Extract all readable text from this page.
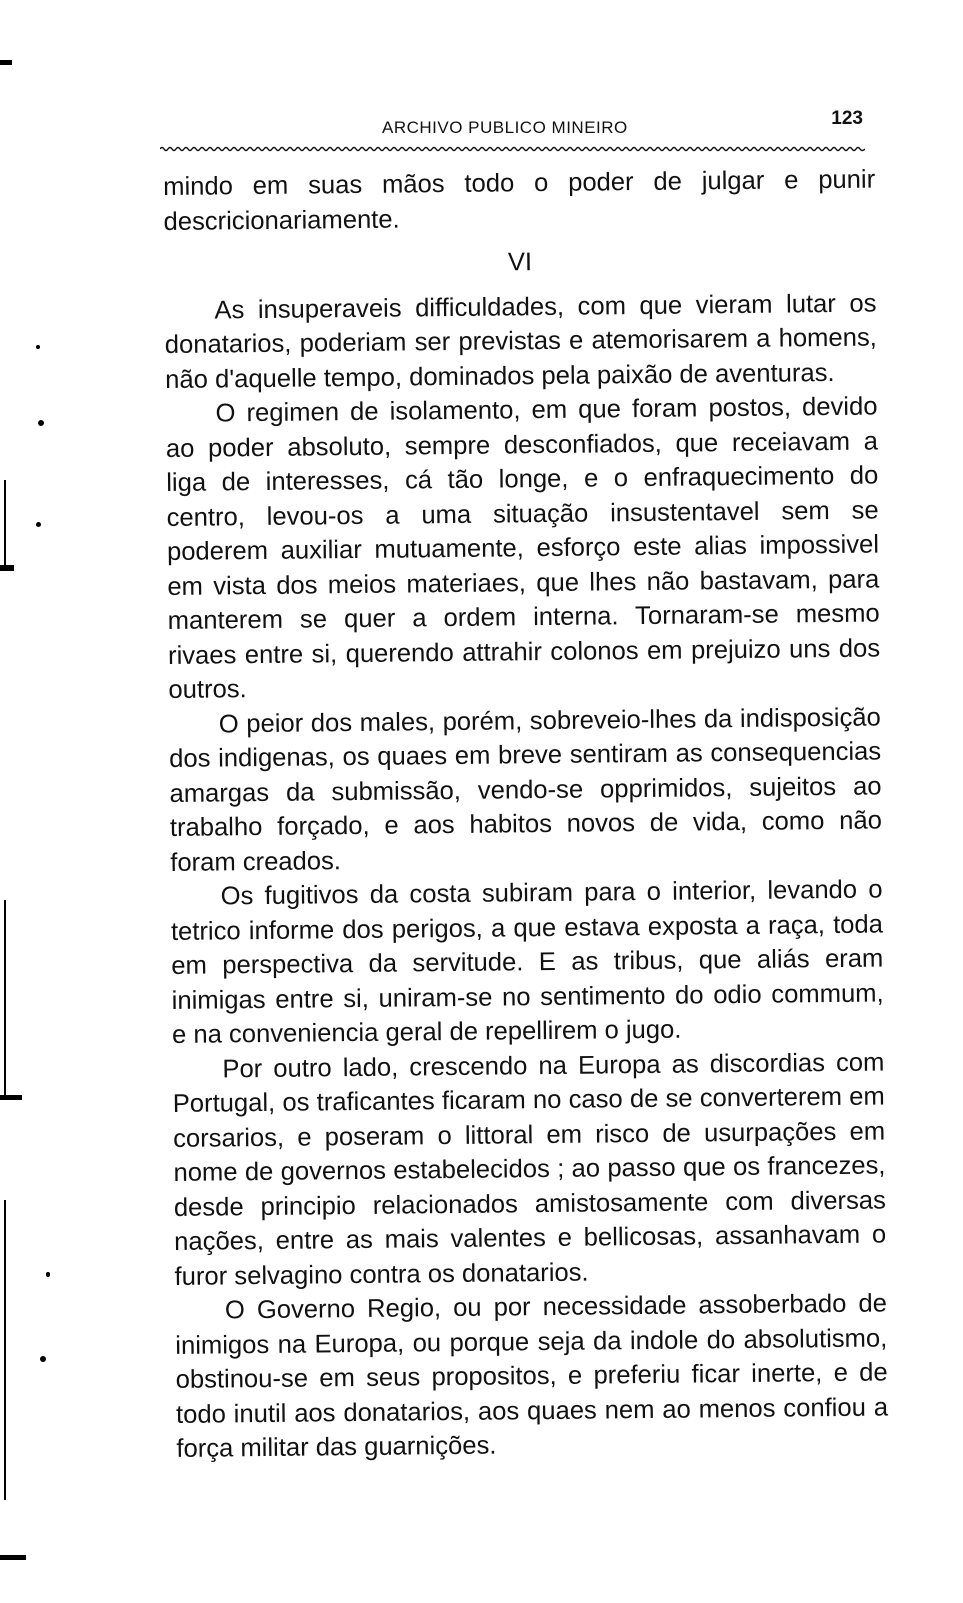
ARCHIVO PUBLICO MINEIRO	123

mindo em suas mãos todo o poder de julgar e punir descricionariamente.

VI

As insuperaveis difficuldades, com que vieram lutar os donatarios, poderiam ser previstas e atemorisarem a homens, não d'aquelle tempo, dominados pela paixão de aventuras.

O regimen de isolamento, em que foram postos, devido ao poder absoluto, sempre desconfiados, que receiavam a liga de interesses, cá tão longe, e o enfraquecimento do centro, levou-os a uma situação insustentavel sem se poderem auxiliar mutuamente, esforço este alias impossivel em vista dos meios materiaes, que lhes não bastavam, para manterem se quer a ordem interna. Tornaram-se mesmo rivaes entre si, querendo attrahir colonos em prejuizo uns dos outros.

O peior dos males, porém, sobreveio-lhes da indisposição dos indigenas, os quaes em breve sentiram as consequencias amargas da submissão, vendo-se opprimidos, sujeitos ao trabalho forçado, e aos habitos novos de vida, como não foram creados.

Os fugitivos da costa subiram para o interior, levando o tetrico informe dos perigos, a que estava exposta a raça, toda em perspectiva da servitude. E as tribus, que aliás eram inimigas entre si, uniram-se no sentimento do odio commum, e na conveniencia geral de repellirem o jugo.

Por outro lado, crescendo na Europa as discordias com Portugal, os traficantes ficaram no caso de se converterem em corsarios, e poseram o littoral em risco de usurpações em nome de governos estabelecidos ; ao passo que os francezes, desde principio relacionados amistosamente com diversas nações, entre as mais valentes e bellicosas, assanhavam o furor selvagino contra os donatarios.

O Governo Regio, ou por necessidade assoberbado de inimigos na Europa, ou porque seja da indole do absolutismo, obstinou-se em seus propositos, e preferiu ficar inerte, e de todo inutil aos donatarios, aos quaes nem ao menos confiou a força militar das guarnições.
